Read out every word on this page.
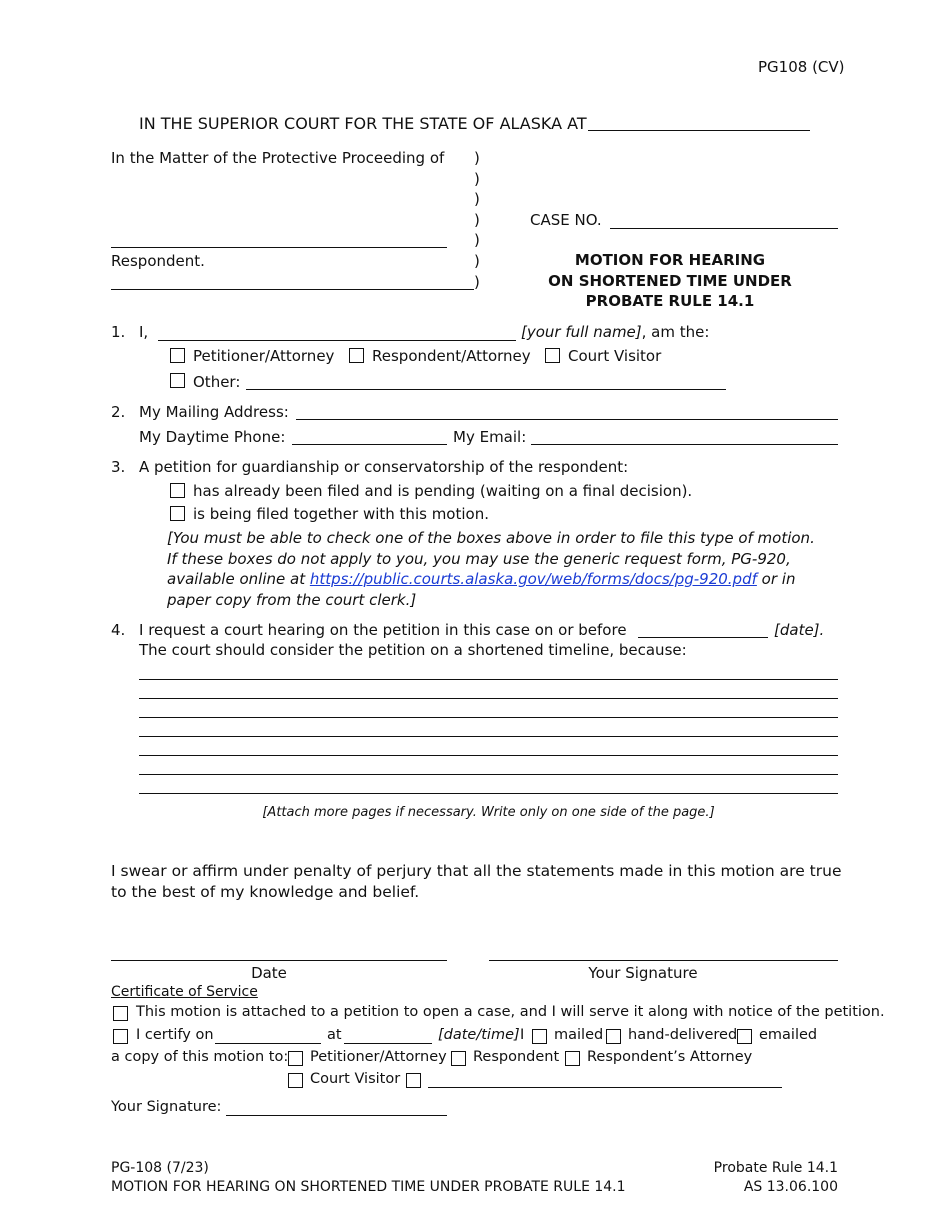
PG108 (CV)
IN THE SUPERIOR COURT FOR THE STATE OF ALASKA AT
In the Matter of the Protective Proceeding of
Respondent.
)
)
)
)
)
)
)
CASE NO.
MOTION FOR HEARING
ON SHORTENED TIME UNDER
PROBATE RULE 14.1
1. I,	[your full name], am the:
Petitioner/Attorney	Respondent/Attorney Court Visitor
Other:
2. My Mailing Address:
My Daytime Phone:	My Email:
3. A petition for guardianship or conservatorship of the respondent:
has already been filed and is pending (waiting on a final decision).
is being filed together with this motion.
[You must be able to check one of the boxes above in order to file this type of motion.
If these boxes do not apply to you, you may use the generic request form, PG-920,
available online at https://public.courts.alaska.gov/web/forms/docs/pg-920.pdf or in
paper copy from the court clerk.]
4. I request a court hearing on the petition in this case on or before	[date].
The court should consider the petition on a shortened timeline, because:
[Attach more pages if necessary. Write only on one side of the page.]
I swear or affirm under penalty of perjury that all the statements made in this motion are true
to the best of my knowledge and belief.
Date	Your Signature
Certificate of Service
This motion is attached to a petition to open a case, and I will serve it along with notice of the petition.
I certify on	at	[date/time] I mailed hand-delivered emailed
a copy of this motion to: Petitioner/Attorney Respondent Respondent’s Attorney
Court Visitor
Your Signature:
PG-108 (7/23)
MOTION FOR HEARING ON SHORTENED TIME UNDER PROBATE RULE 14.1
Probate Rule 14.1
AS 13.06.100
